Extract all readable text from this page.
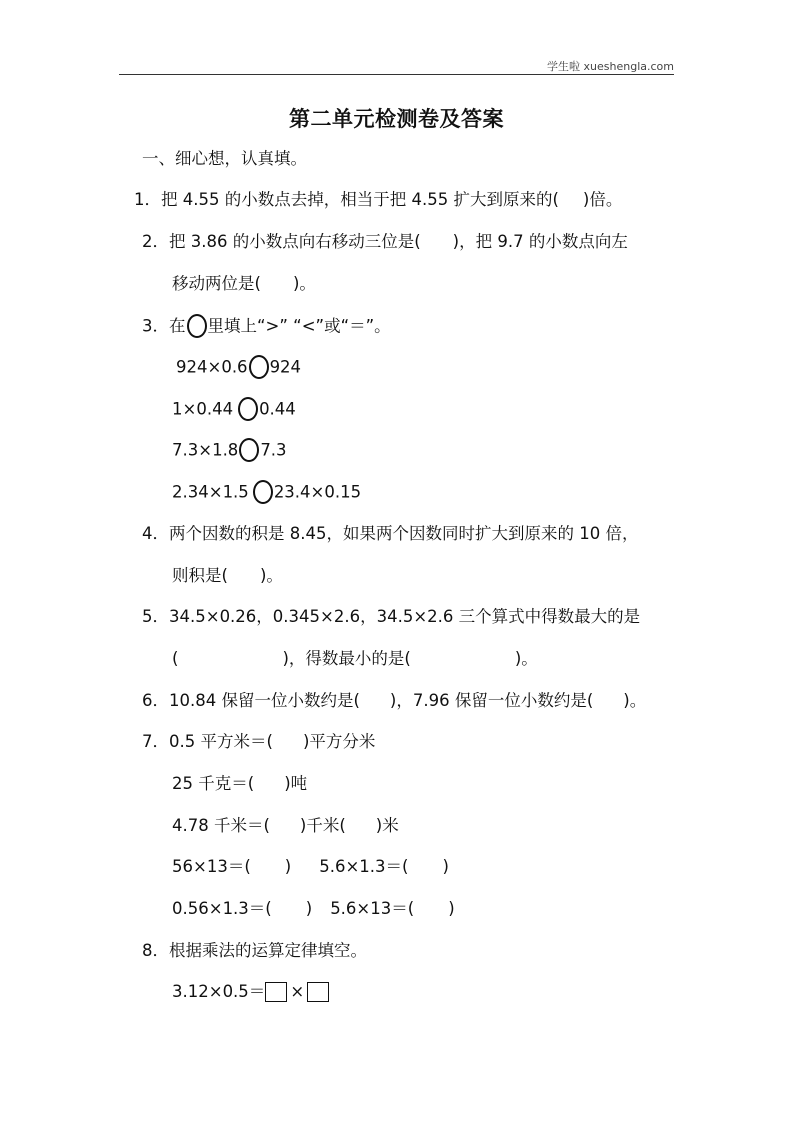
学生啦 xueshengla.com
第二单元检测卷及答案
一、细心想，认真填。
1．把 4.55 的小数点去掉，相当于把 4.55 扩大到原来的( )倍。
2．把 3.86 的小数点向右移动三位是( )，把 9.7 的小数点向左
移动两位是( )。
3．在 里填上“>” “<”或“＝”。
924×0.6 924
1×0.44 0.44
7.3×1.8 7.3
2.34×1.5 23.4×0.15
4．两个因数的积是 8.45，如果两个因数同时扩大到原来的 10 倍，
则积是( )。
5．34.5×0.26，0.345×2.6，34.5×2.6 三个算式中得数最大的是
(	)，得数最小的是(	)。
6．10.84 保留一位小数约是( )，7.96 保留一位小数约是( )。
7．0.5 平方米＝( )平方分米
25 千克＝( )吨
4.78 千米＝( )千米( )米
56×13＝( ) 5.6×1.3＝( )
0.56×1.3＝( ) 5.6×13＝( )
8．根据乘法的运算定律填空。
3.12×0.5＝ ×
